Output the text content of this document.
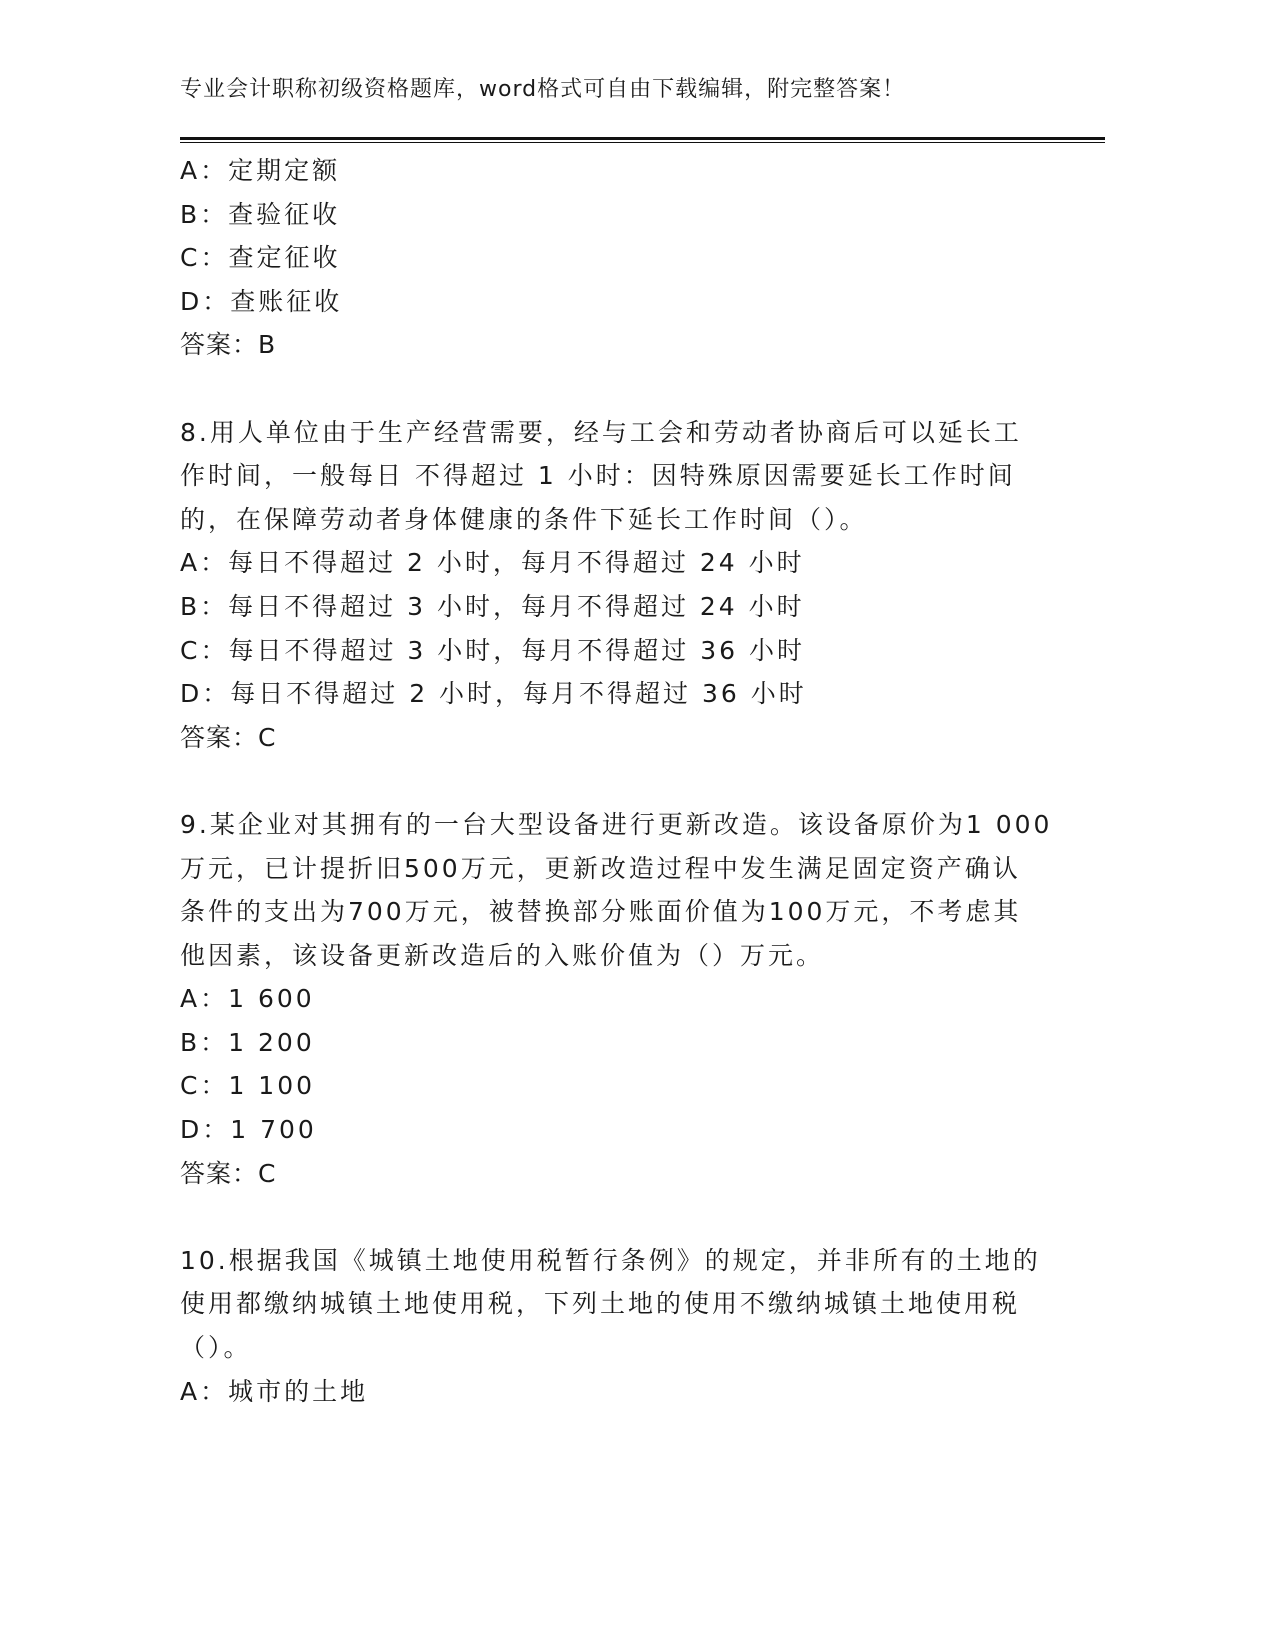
专业会计职称初级资格题库，word格式可自由下载编辑，附完整答案！
A：定期定额
B：查验征收
C：查定征收
D：查账征收
答案：B
8.用人单位由于生产经营需要，经与工会和劳动者协商后可以延长工
作时间，一般每日 不得超过 1 小时：因特殊原因需要延长工作时间
的，在保障劳动者身体健康的条件下延长工作时间（）。
A：每日不得超过 2 小时，每月不得超过 24 小时
B：每日不得超过 3 小时，每月不得超过 24 小时
C：每日不得超过 3 小时，每月不得超过 36 小时
D：每日不得超过 2 小时，每月不得超过 36 小时
答案：C
9.某企业对其拥有的一台大型设备进行更新改造。该设备原价为1 000
万元，已计提折旧500万元，更新改造过程中发生满足固定资产确认
条件的支出为700万元，被替换部分账面价值为100万元，不考虑其
他因素，该设备更新改造后的入账价值为（）万元。
A：1 600
B：1 200
C：1 100
D：1 700
答案：C
10.根据我国《城镇土地使用税暂行条例》的规定，并非所有的土地的
使用都缴纳城镇土地使用税，下列土地的使用不缴纳城镇土地使用税
（）。
A：城市的土地
